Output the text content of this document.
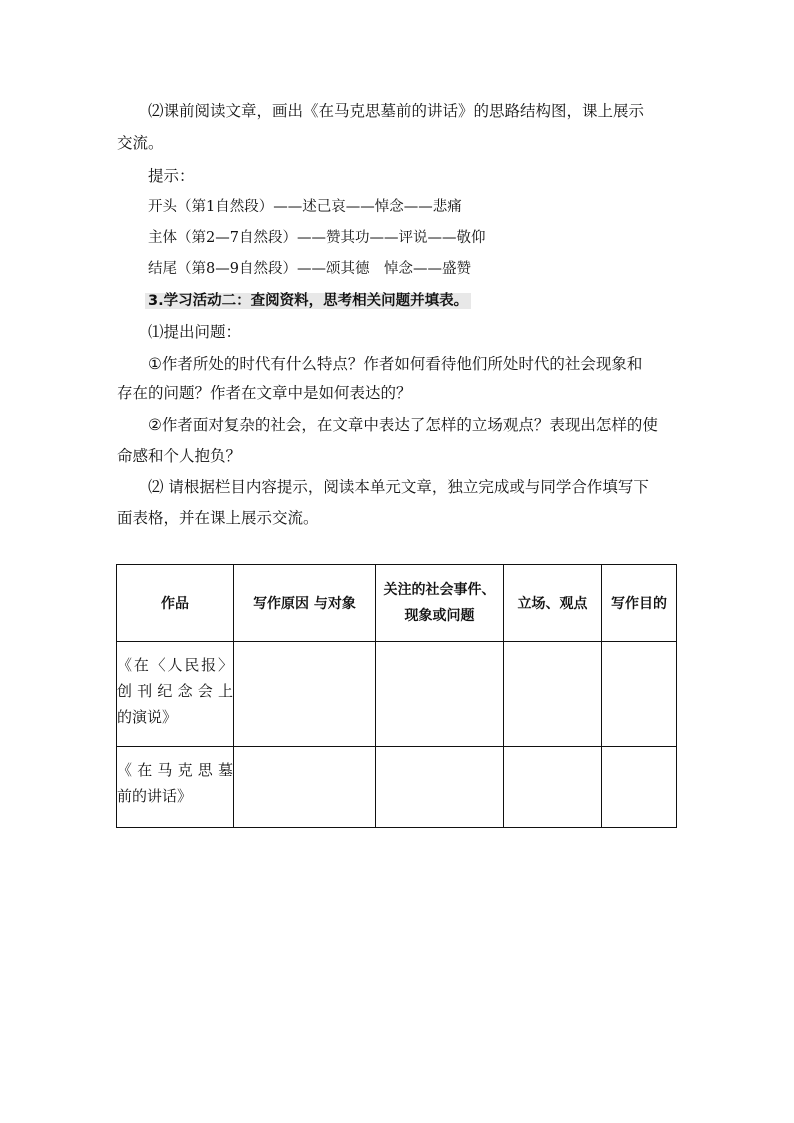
⑵课前阅读文章，画出《在马克思墓前的讲话》的思路结构图，课上展示
交流。
提示：
开头（第1自然段）——述己哀——悼念——悲痛
主体（第2—7自然段）——赞其功——评说——敬仰
结尾（第8—9自然段）——颂其德　悼念——盛赞
3.学习活动二：查阅资料，思考相关问题并填表。
⑴提出问题：
①作者所处的时代有什么特点？作者如何看待他们所处时代的社会现象和
存在的问题？作者在文章中是如何表达的？
②作者面对复杂的社会，在文章中表达了怎样的立场观点？表现出怎样的使
命感和个人抱负？
⑵ 请根据栏目内容提示，阅读本单元文章，独立完成或与同学合作填写下
面表格，并在课上展示交流。
作品	写作原因 与对象	关注的社会事件、
现象或问题	立场、观点	写作目的

《在〈人民报〉
创刊纪念会上
的演说》				

《在马克思墓
前的讲话》				
